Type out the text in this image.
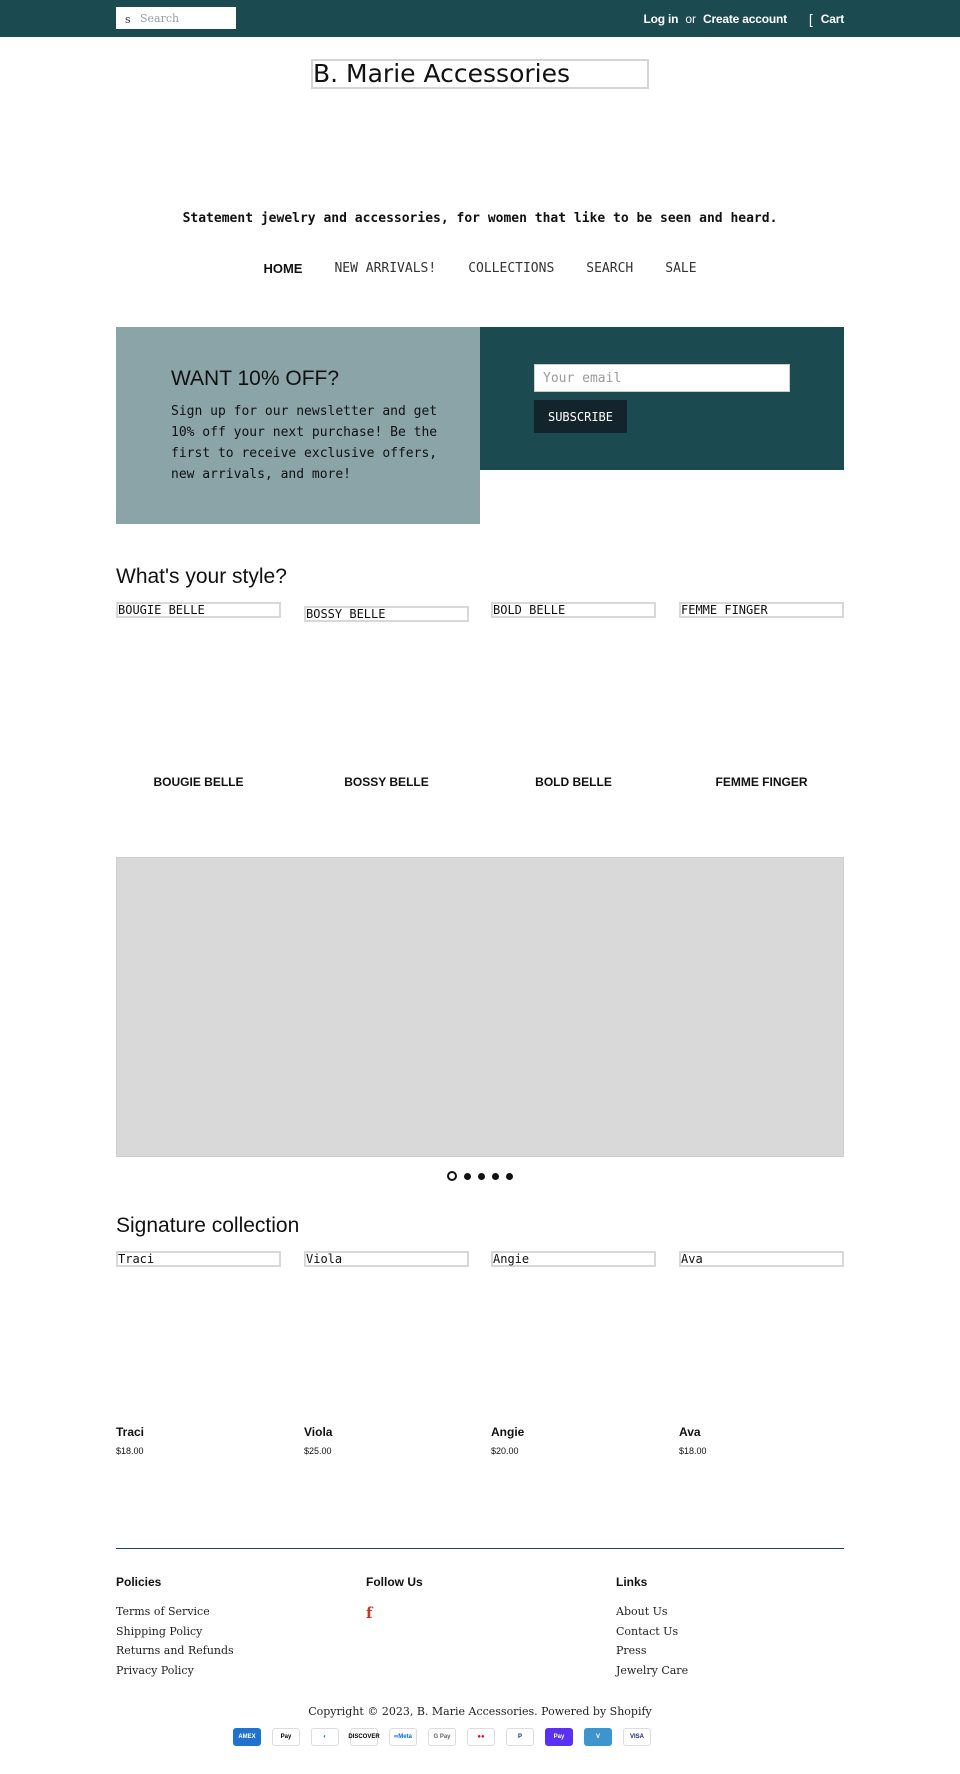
s
Search	Log in or Create account [ Cart
B. Marie Accessories
Statement jewelry and accessories, for women that like to be seen and heard.
HOME NEW ARRIVALS! COLLECTIONS SEARCH SALE
WANT 10% OFF?

Sign up for our newsletter and get 10% off your next purchase! Be the first to receive exclusive offers, new arrivals, and more!

Your email
SUBSCRIBE
What's your style?
BOUGIE BELLE	BOSSY BELLE	BOLD BELLE	FEMME FINGER
BOUGIE BELLE	BOSSY BELLE	BOLD BELLE	FEMME FINGER
Signature collection
Traci	Viola	Angie	Ava
Traci	Viola	Angie	Ava
$18.00	$25.00	$20.00	$18.00
Policies
Terms of Service
Shipping Policy
Returns and Refunds
Privacy Policy
Follow Us
f
Links
About Us
Contact Us
Press
Jewelry Care
Copyright © 2023, B. Marie Accessories. Powered by Shopify
AMEX	Pay	◐	DISCOVER	∞Meta	G Pay	●●	P	Pay	V	VISA
